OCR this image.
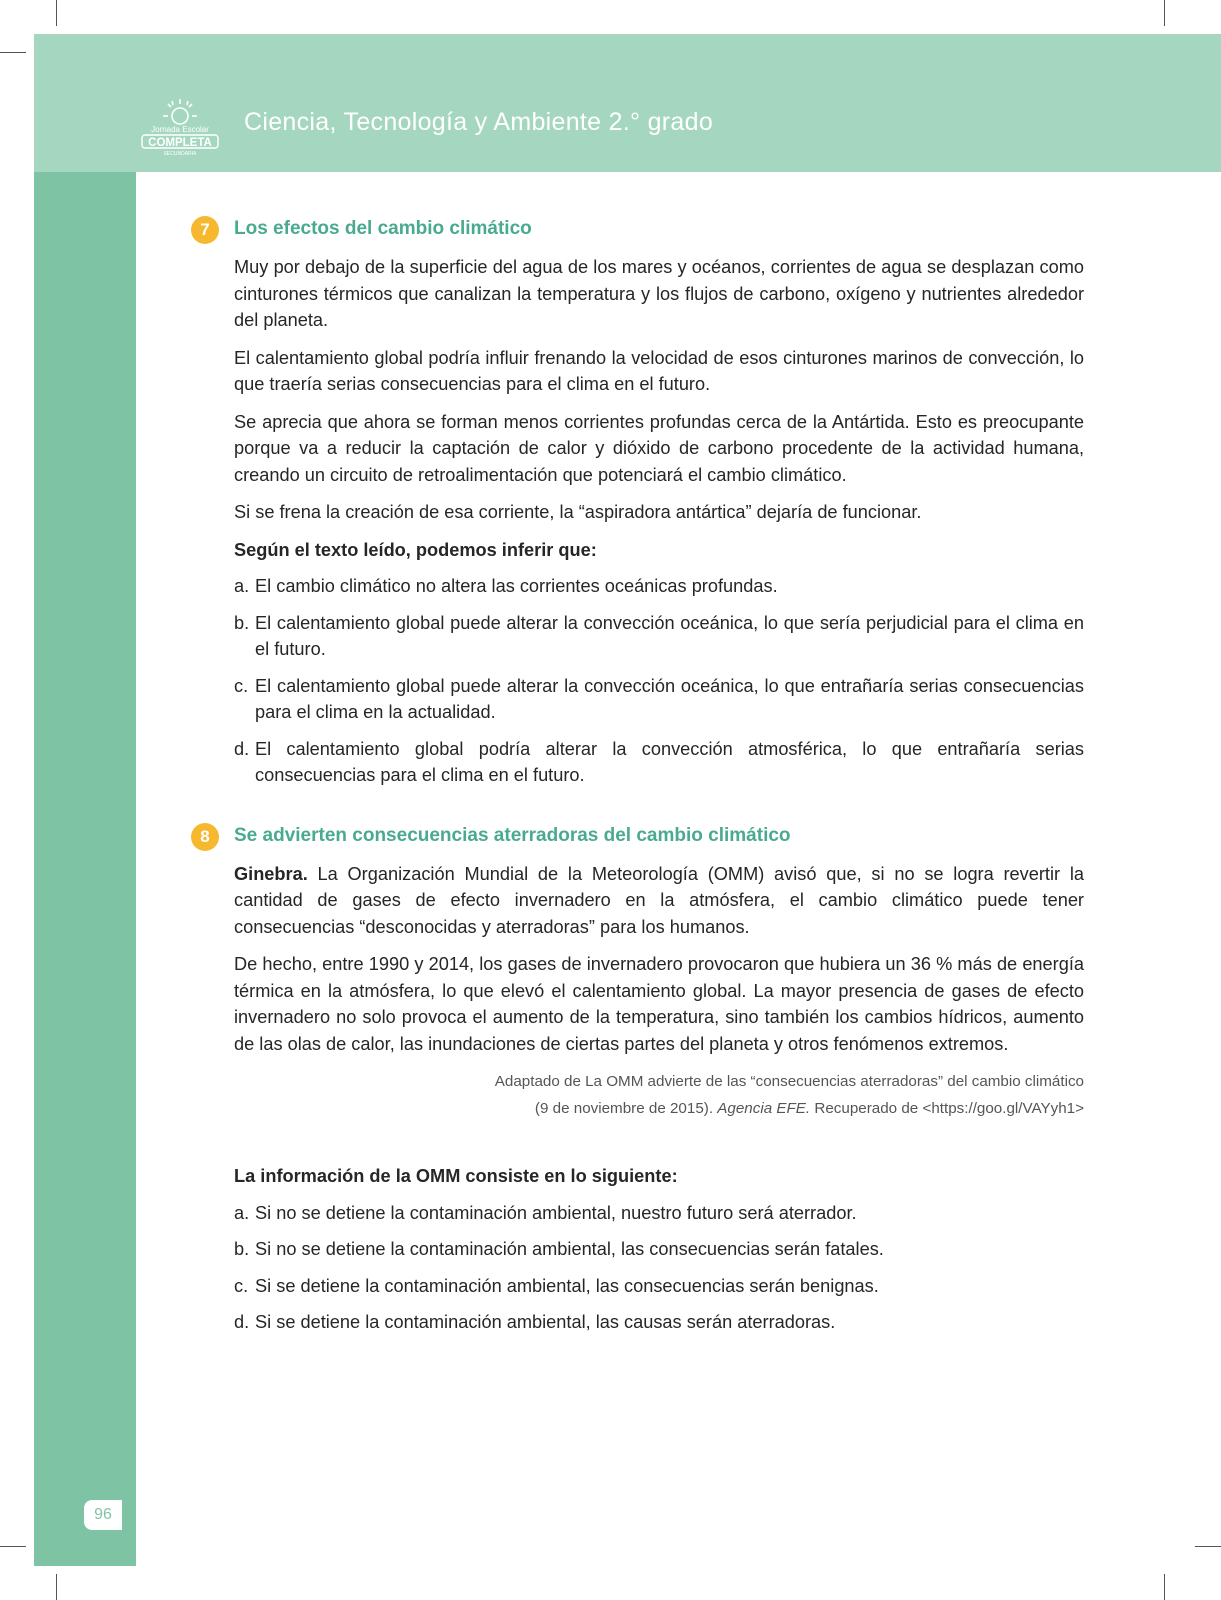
Jornada Escolar
COMPLETA
SECUNDARIA
Ciencia, Tecnología y Ambiente 2.° grado
96
7	Los efectos del cambio climático

Muy por debajo de la superficie del agua de los mares y océanos, corrientes de agua se desplazan como cinturones térmicos que canalizan la temperatura y los flujos de carbono, oxígeno y nutrientes alrededor del planeta.

El calentamiento global podría influir frenando la velocidad de esos cinturones marinos de convección, lo que traería serias consecuencias para el clima en el futuro.

Se aprecia que ahora se forman menos corrientes profundas cerca de la Antártida. Esto es preocupante porque va a reducir la captación de calor y dióxido de carbono procedente de la actividad humana, creando un circuito de retroalimentación que potenciará el cambio climático.

Si se frena la creación de esa corriente, la “aspiradora antártica” dejaría de funcionar.

Según el texto leído, podemos inferir que:
a. El cambio climático no altera las corrientes oceánicas profundas.
b. El calentamiento global puede alterar la convección oceánica, lo que sería perjudicial para el clima en el futuro.
c. El calentamiento global puede alterar la convección oceánica, lo que entrañaría serias consecuencias para el clima en la actualidad.
d. El calentamiento global podría alterar la convección atmosférica, lo que entrañaría serias consecuencias para el clima en el futuro.
8	Se advierten consecuencias aterradoras del cambio climático

Ginebra. La Organización Mundial de la Meteorología (OMM) avisó que, si no se logra revertir la cantidad de gases de efecto invernadero en la atmósfera, el cambio climático puede tener consecuencias “desconocidas y aterradoras” para los humanos.

De hecho, entre 1990 y 2014, los gases de invernadero provocaron que hubiera un 36 % más de energía térmica en la atmósfera, lo que elevó el calentamiento global. La mayor presencia de gases de efecto invernadero no solo provoca el aumento de la temperatura, sino también los cambios hídricos, aumento de las olas de calor, las inundaciones de ciertas partes del planeta y otros fenómenos extremos.

Adaptado de La OMM advierte de las “consecuencias aterradoras” del cambio climático

(9 de noviembre de 2015). Agencia EFE. Recuperado de <https://goo.gl/VAYyh1>

La información de la OMM consiste en lo siguiente:
a. Si no se detiene la contaminación ambiental, nuestro futuro será aterrador.
b. Si no se detiene la contaminación ambiental, las consecuencias serán fatales.
c. Si se detiene la contaminación ambiental, las consecuencias serán benignas.
d. Si se detiene la contaminación ambiental, las causas serán aterradoras.
